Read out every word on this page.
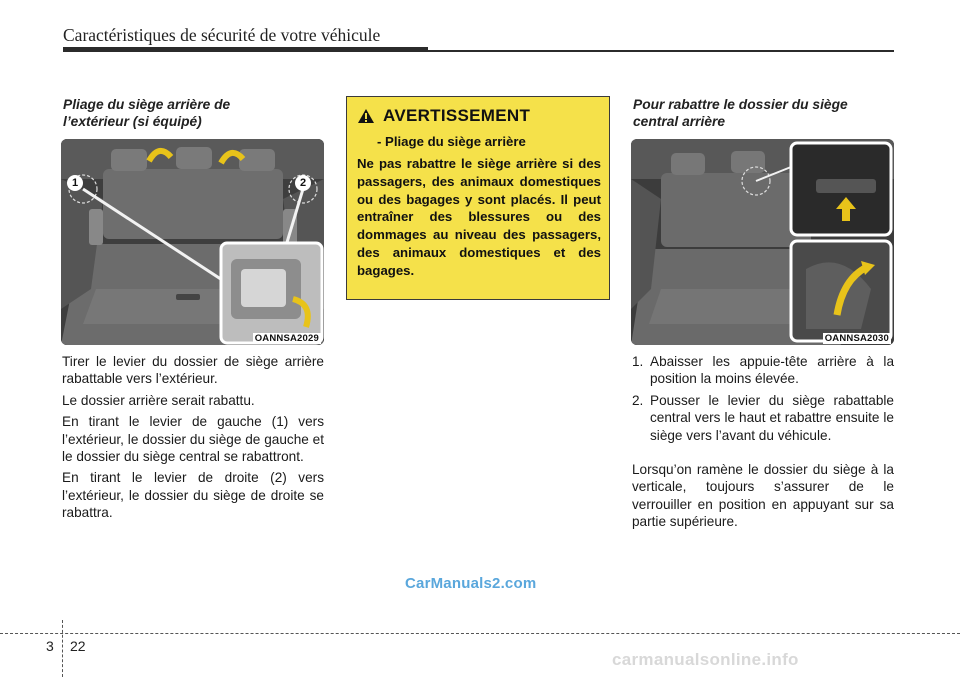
Caractéristiques de sécurité de votre véhicule
Pliage du siège arrière de
l’extérieur (si équipé)
1	2
OANNSA2029

Tirer le levier du dossier de siège arrière rabattable vers l’extérieur.

Le dossier arrière serait rabattu.

En tirant le levier de gauche (1) vers l’extérieur, le dossier du siège de gauche et le dossier du siège central se rabattront.

En tirant le levier de droite (2) vers l’extérieur, le dossier du siège de droite se rabattra.

AVERTISSEMENT
- Pliage du siège arrière
Ne pas rabattre le siège arrière si des passagers, des animaux domestiques ou des bagages y sont placés. Il peut entraîner des blessures ou des dommages au niveau des passagers, des animaux domestiques et des bagages.
Pour rabattre le dossier du siège
central arrière
OANNSA2030
1. Abaisser les appuie-tête arrière à la position la moins élevée.
2. Pousser le levier du siège rabattable central vers le haut et rabattre ensuite le siège vers l’avant du véhicule.

Lorsqu’on ramène le dossier du siège à la verticale, toujours s’assurer de le verrouiller en position en appuyant sur sa partie supérieure.

CarManuals2.com
3 22
carmanualsonline.info
